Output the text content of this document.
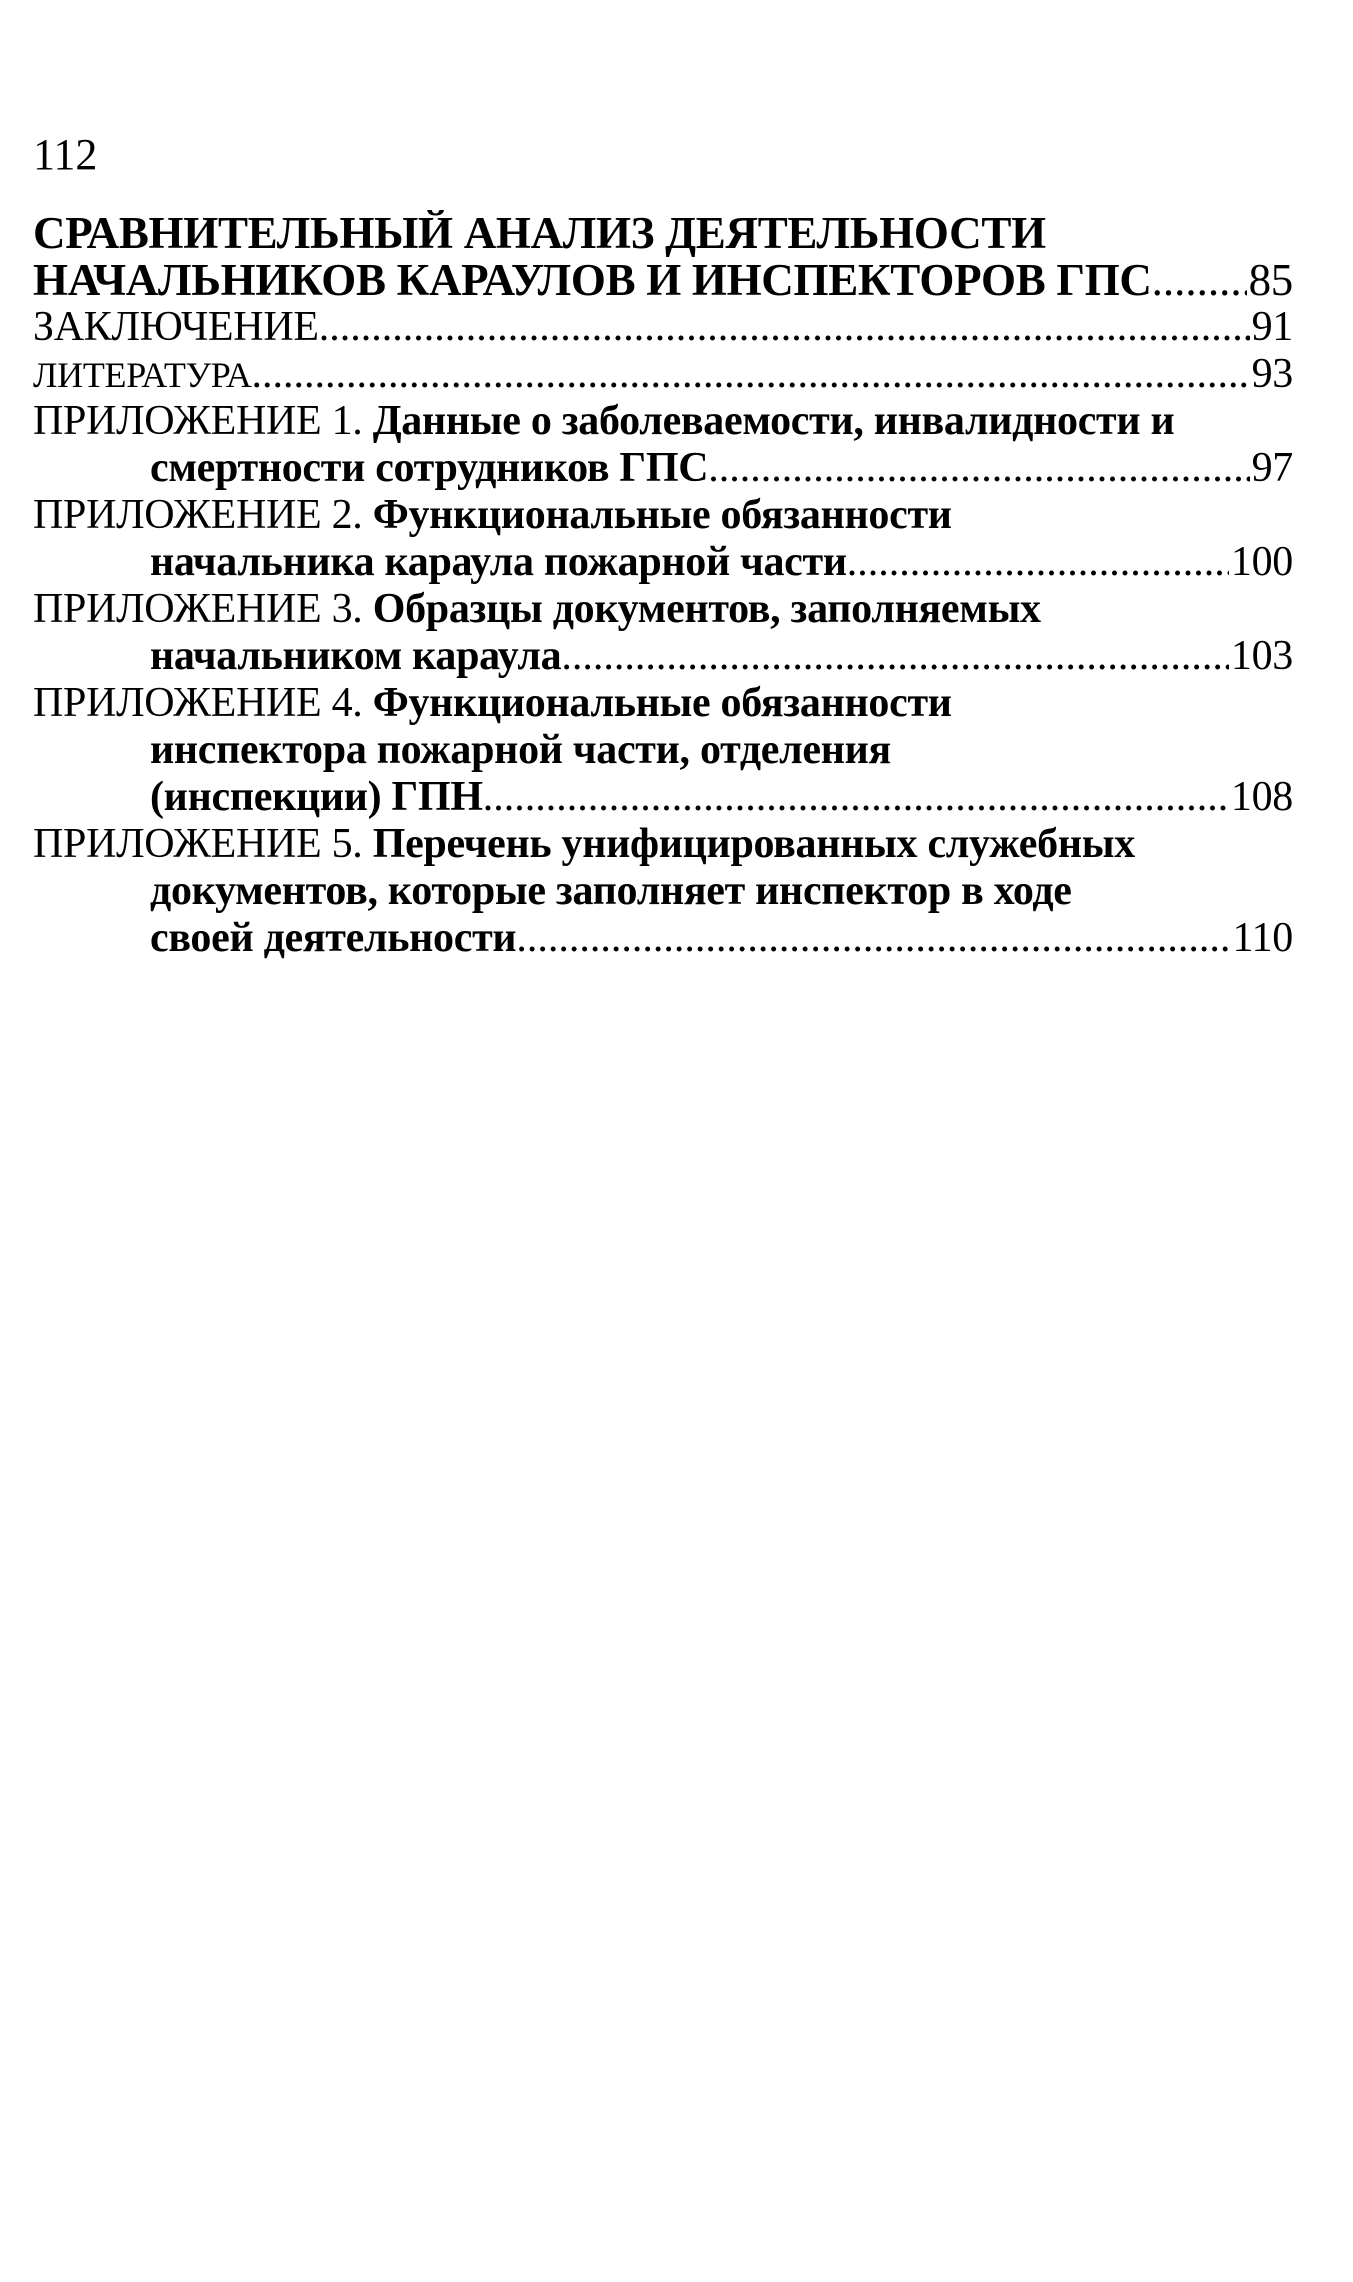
112
СРАВНИТЕЛЬНЫЙ АНАЛИЗ ДЕЯТЕЛЬНОСТИ
НАЧАЛЬНИКОВ КАРАУЛОВ И ИНСПЕКТОРОВ ГПС ..... 85
ЗАКЛЮЧЕНИЕ .....	91
ЛИТЕРАТУРА .....	93
ПРИЛОЖЕНИЕ 1.
Данные о заболеваемости, инвалидности и
смертности сотрудников ГПС .....	97
ПРИЛОЖЕНИЕ 2.
Функциональные обязанности
начальника караула пожарной части .....	100
ПРИЛОЖЕНИЕ 3.
Образцы документов, заполняемых
начальником караула .....	103
ПРИЛОЖЕНИЕ 4.
Функциональные обязанности
инспектора пожарной части, отделения
(инспекции) ГПН .....	108
ПРИЛОЖЕНИЕ 5.
Перечень унифицированных служебных
документов, которые заполняет инспектор в ходе
своей деятельности .....	110
